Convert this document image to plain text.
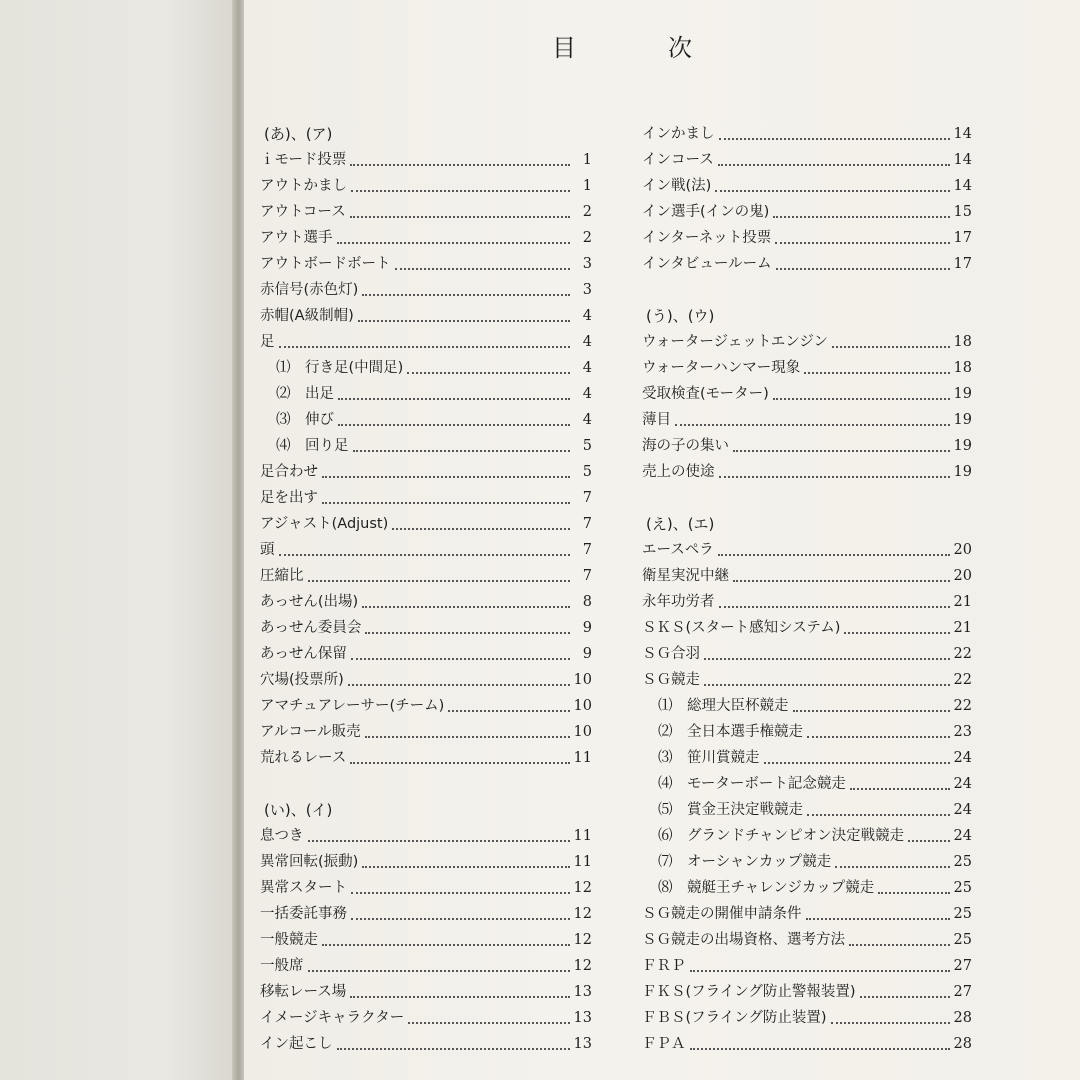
目	次
(あ)、(ア)
ｉモード投票	1
アウトかまし	1
アウトコース	2
アウト選手	2
アウトボードボート	3
赤信号(赤色灯)	3
赤帽(A級制帽)	4
足	4
⑴　行き足(中間足)	4
⑵　出足	4
⑶　伸び	4
⑷　回り足	5
足合わせ	5
足を出す	7
アジャスト(Adjust)	7
頭	7
圧縮比	7
あっせん(出場)	8
あっせん委員会	9
あっせん保留	9
穴場(投票所)	10
アマチュアレーサー(チーム)	10
アルコール販売	10
荒れるレース	11
(い)、(イ)
息つき	11
異常回転(振動)	11
異常スタート	12
一括委託事務	12
一般競走	12
一般席	12
移転レース場	13
イメージキャラクター	13
イン起こし	13
インかまし	14
インコース	14
イン戦(法)	14
イン選手(インの鬼)	15
インターネット投票	17
インタビュールーム	17
(う)、(ウ)
ウォータージェットエンジン	18
ウォーターハンマー現象	18
受取検査(モーター)	19
薄目	19
海の子の集い	19
売上の使途	19
(え)、(エ)
エースペラ	20
衛星実況中継	20
永年功労者	21
ＳＫＳ(スタート感知システム)	21
ＳＧ合羽	22
ＳＧ競走	22
⑴　総理大臣杯競走	22
⑵　全日本選手権競走	23
⑶　笹川賞競走	24
⑷　モーターボート記念競走	24
⑸　賞金王決定戦競走	24
⑹　グランドチャンピオン決定戦競走	24
⑺　オーシャンカップ競走	25
⑻　競艇王チャレンジカップ競走	25
ＳＧ競走の開催申請条件	25
ＳＧ競走の出場資格、選考方法	25
ＦＲＰ	27
ＦＫＳ(フライング防止警報装置)	27
ＦＢＳ(フライング防止装置)	28
ＦＰＡ	28
